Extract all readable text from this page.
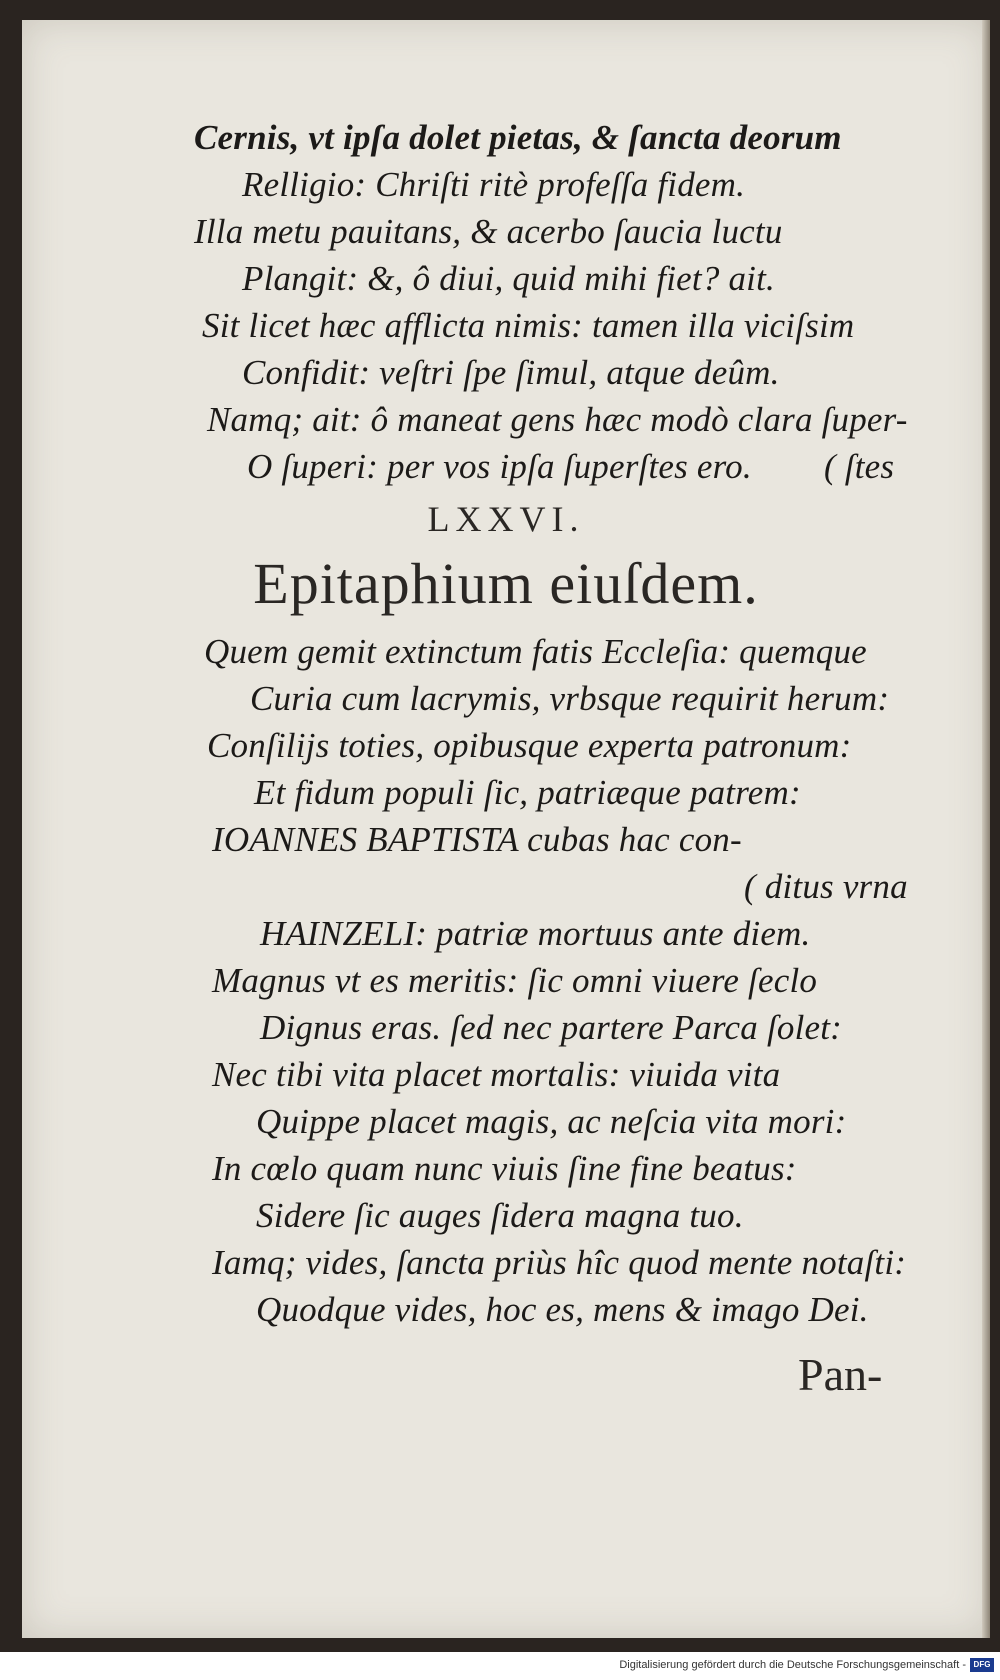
Cernis, vt ipſa dolet pietas, & ſancta deorum
Relligio: Chriſti ritè profeſſa fidem.
Illa metu pauitans, & acerbo ſaucia luctu
Plangit: &, ô diui, quid mihi fiet? ait.
Sit licet hæc afflicta nimis: tamen illa viciſsim
Confidit: veſtri ſpe ſimul, atque deûm.
Namq; ait: ô maneat gens hæc modò clara ſuper-
O ſuperi: per vos ipſa ſuperſtes ero. ( ſtes
LXXVI.
Epitaphium eiuſdem.
Quem gemit extinctum fatis Eccleſia: quemque
Curia cum lacrymis, vrbsque requirit herum:
Conſilijs toties, opibusque experta patronum:
Et fidum populi ſic, patriæque patrem:
IOANNES BAPTISTA cubas hac con-
( ditus vrna
HAINZELI: patriæ mortuus ante diem.
Magnus vt es meritis: ſic omni viuere ſeclo
Dignus eras. ſed nec partere Parca ſolet:
Nec tibi vita placet mortalis: viuida vita
Quippe placet magis, ac neſcia vita mori:
In cœlo quam nunc viuis ſine fine beatus:
Sidere ſic auges ſidera magna tuo.
Iamq; vides, ſancta priùs hîc quod mente notaſti:
Quodque vides, hoc es, mens & imago Dei.
Pan-
Digitalisierung gefördert durch die Deutsche Forschungsgemeinschaft - DFG
